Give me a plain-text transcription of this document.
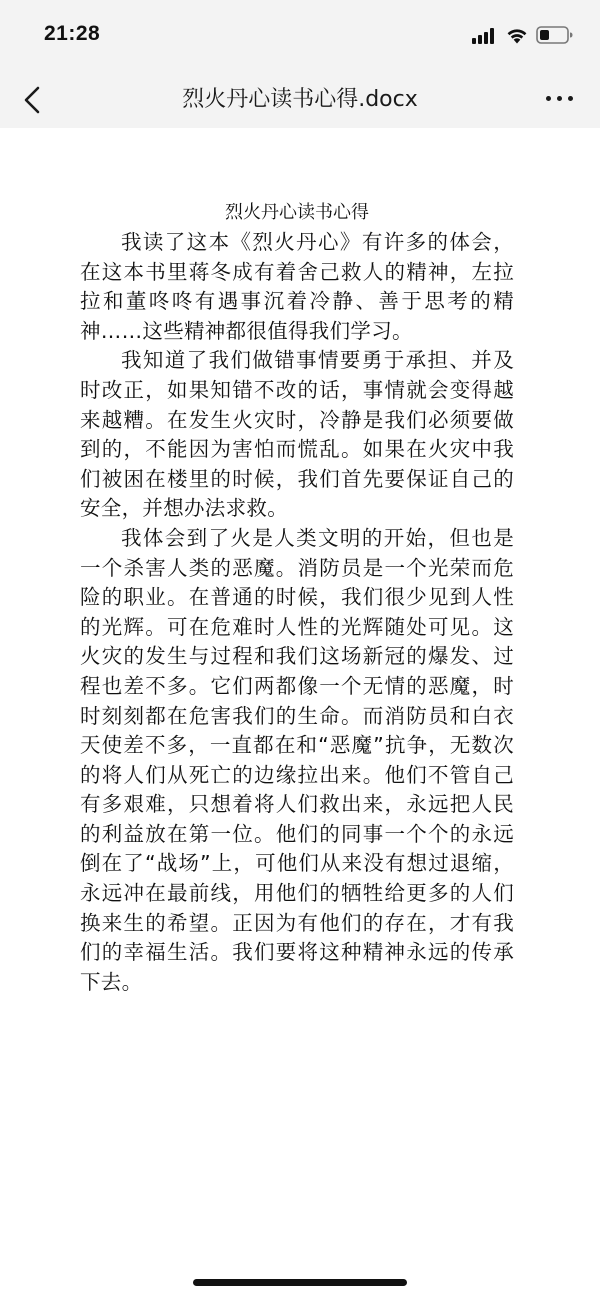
21:28
烈火丹心读书心得.docx
烈火丹心读书心得

我读了这本《烈火丹心》有许多的体会，在这本书里蒋冬成有着舍己救人的精神，左拉拉和董咚咚有遇事沉着冷静、善于思考的精神……这些精神都很值得我们学习。

我知道了我们做错事情要勇于承担、并及时改正，如果知错不改的话，事情就会变得越来越糟。在发生火灾时，冷静是我们必须要做到的，不能因为害怕而慌乱。如果在火灾中我们被困在楼里的时候，我们首先要保证自己的安全，并想办法求救。

我体会到了火是人类文明的开始，但也是一个杀害人类的恶魔。消防员是一个光荣而危险的职业。在普通的时候，我们很少见到人性的光辉。可在危难时人性的光辉随处可见。这火灾的发生与过程和我们这场新冠的爆发、过程也差不多。它们两都像一个无情的恶魔，时时刻刻都在危害我们的生命。而消防员和白衣天使差不多，一直都在和“恶魔”抗争，无数次的将人们从死亡的边缘拉出来。他们不管自己有多艰难，只想着将人们救出来，永远把人民的利益放在第一位。他们的同事一个个的永远倒在了“战场”上，可他们从来没有想过退缩，永远冲在最前线，用他们的牺牲给更多的人们换来生的希望。正因为有他们的存在，才有我们的幸福生活。我们要将这种精神永远的传承下去。
